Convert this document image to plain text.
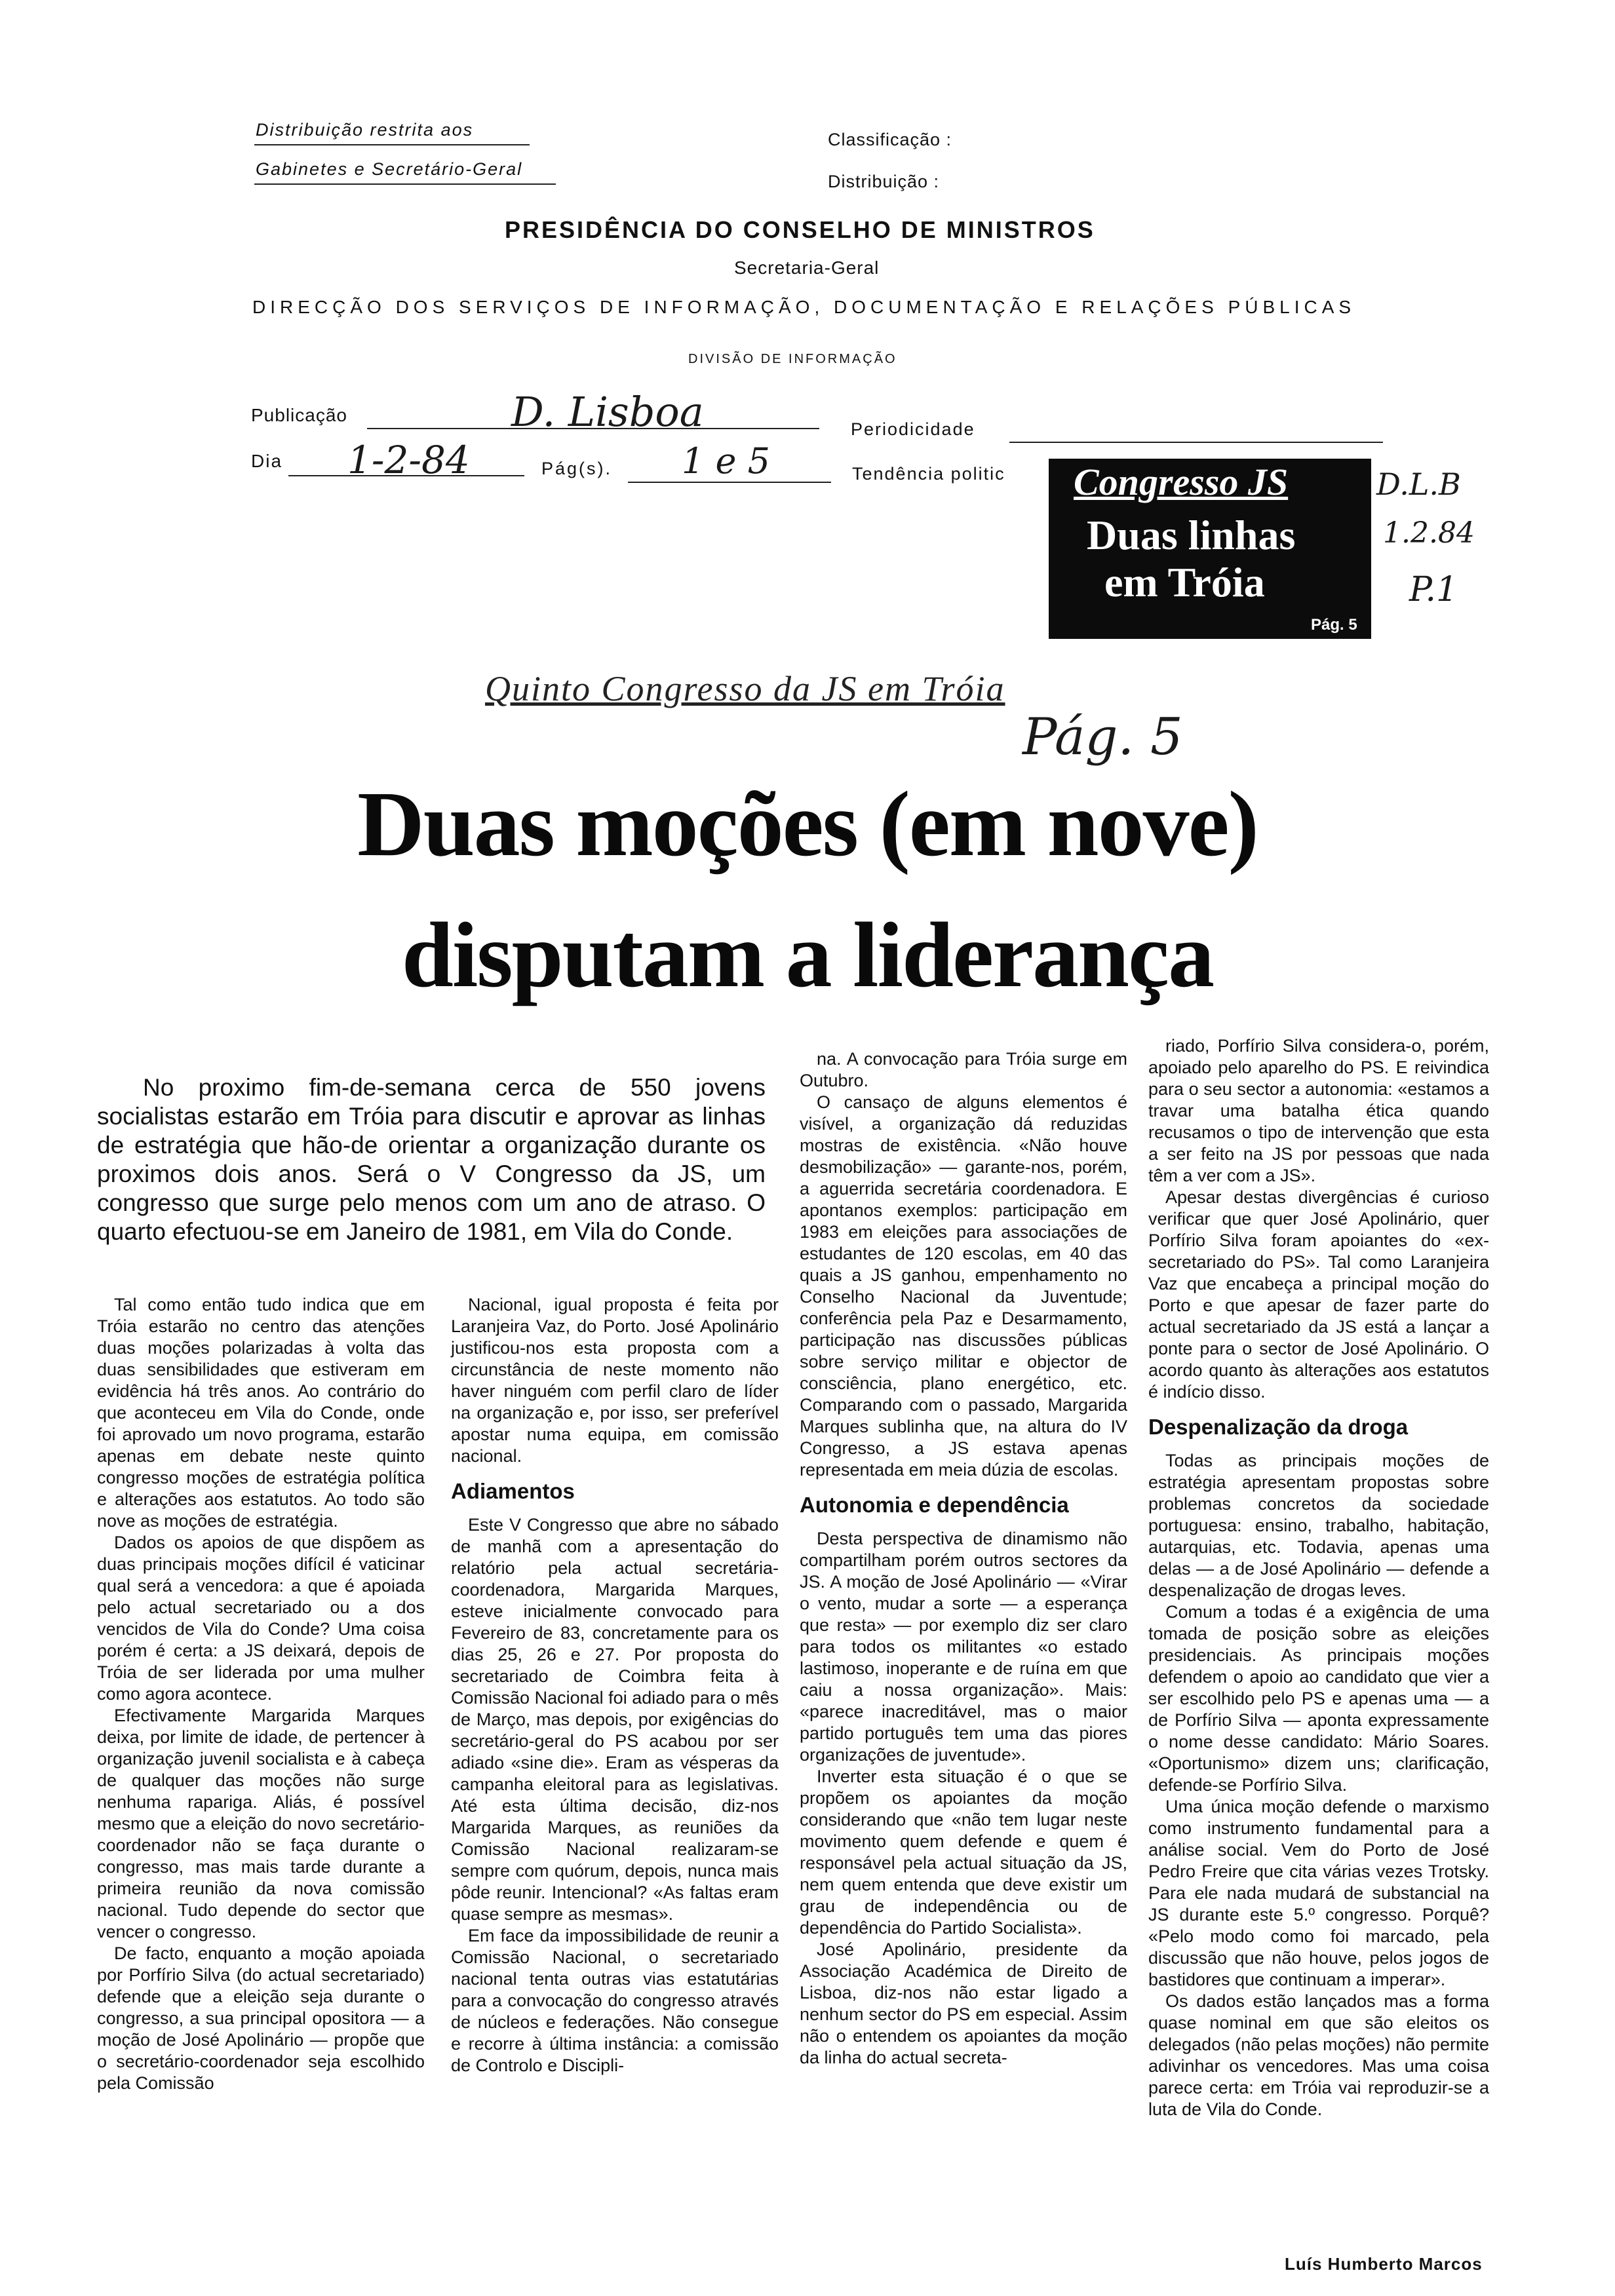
Distribuição restrita aos
Gabinetes e Secretário-Geral
Classificação :
Distribuição :
PRESIDÊNCIA DO CONSELHO DE MINISTROS
Secretaria-Geral
DIRECÇÃO DOS SERVIÇOS DE INFORMAÇÃO, DOCUMENTAÇÃO E RELAÇÕES PÚBLICAS
DIVISÃO DE INFORMAÇÃO
Publicação	D. Lisboa	Periodicidade
Dia 1-2-84	Pág(s). 1 e 5	Tendência politic Congresso JS
Duas linhas
em Tróia
Pág. 5
D.L.B
1.2.84
P.1
Quinto Congresso da JS em Tróia
Pág. 5
Duas moções (em nove)
disputam a liderança
No proximo fim-de-semana cerca de 550 jovens socialistas estarão em Tróia para discutir e aprovar as linhas de estratégia que hão-de orientar a organização durante os proximos dois anos. Será o V Congresso da JS, um congresso que surge pelo menos com um ano de atraso. O quarto efectuou-se em Janeiro de 1981, em Vila do Conde.

Tal como então tudo indica que em Tróia estarão no centro das atenções duas moções polarizadas à volta das duas sensibilidades que estiveram em evidência há três anos. Ao contrário do que aconteceu em Vila do Conde, onde foi aprovado um novo programa, estarão apenas em debate neste quinto congresso moções de estratégia política e alterações aos estatutos. Ao todo são nove as moções de estratégia.

Dados os apoios de que dispõem as duas principais moções difícil é vaticinar qual será a vencedora: a que é apoiada pelo actual secretariado ou a dos vencidos de Vila do Conde? Uma coisa porém é certa: a JS deixará, depois de Tróia de ser liderada por uma mulher como agora acontece.

Efectivamente Margarida Marques deixa, por limite de idade, de pertencer à organização juvenil socialista e à cabeça de qualquer das moções não surge nenhuma rapariga. Aliás, é possível mesmo que a eleição do novo secretário-coordenador não se faça durante o congresso, mas mais tarde durante a primeira reunião da nova comissão nacional. Tudo depende do sector que vencer o congresso.

De facto, enquanto a moção apoiada por Porfírio Silva (do actual secretariado) defende que a eleição seja durante o congresso, a sua principal opositora — a moção de José Apolinário — propõe que o secretário-coordenador seja escolhido pela Comissão

Nacional, igual proposta é feita por Laranjeira Vaz, do Porto. José Apolinário justificou-nos esta proposta com a circunstância de neste momento não haver ninguém com perfil claro de líder na organização e, por isso, ser preferível apostar numa equipa, em comissão nacional.

Adiamentos

Este V Congresso que abre no sábado de manhã com a apresentação do relatório pela actual secretária-coordenadora, Margarida Marques, esteve inicialmente convocado para Fevereiro de 83, concretamente para os dias 25, 26 e 27. Por proposta do secretariado de Coimbra feita à Comissão Nacional foi adiado para o mês de Março, mas depois, por exigências do secretário-geral do PS acabou por ser adiado «sine die». Eram as vésperas da campanha eleitoral para as legislativas. Até esta última decisão, diz-nos Margarida Marques, as reuniões da Comissão Nacional realizaram-se sempre com quórum, depois, nunca mais pôde reunir. Intencional? «As faltas eram quase sempre as mesmas».

Em face da impossibilidade de reunir a Comissão Nacional, o secretariado nacional tenta outras vias estatutárias para a convocação do congresso através de núcleos e federações. Não consegue e recorre à última instância: a comissão de Controlo e Discipli-

na. A convocação para Tróia surge em Outubro.

O cansaço de alguns elementos é visível, a organização dá reduzidas mostras de existência. «Não houve desmobilização» — garante-nos, porém, a aguerrida secretária coordenadora. E apontanos exemplos: participação em 1983 em eleições para associações de estudantes de 120 escolas, em 40 das quais a JS ganhou, empenhamento no Conselho Nacional da Juventude; conferência pela Paz e Desarmamento, participação nas discussões públicas sobre serviço militar e objector de consciência, plano energético, etc. Comparando com o passado, Margarida Marques sublinha que, na altura do IV Congresso, a JS estava apenas representada em meia dúzia de escolas.

Autonomia e dependência

Desta perspectiva de dinamismo não compartilham porém outros sectores da JS. A moção de José Apolinário — «Virar o vento, mudar a sorte — a esperança que resta» — por exemplo diz ser claro para todos os militantes «o estado lastimoso, inoperante e de ruína em que caiu a nossa organização». Mais: «parece inacreditável, mas o maior partido português tem uma das piores organizações de juventude».

Inverter esta situação é o que se propõem os apoiantes da moção considerando que «não tem lugar neste movimento quem defende e quem é responsável pela actual situação da JS, nem quem entenda que deve existir um grau de independência ou de dependência do Partido Socialista».

José Apolinário, presidente da Associação Académica de Direito de Lisboa, diz-nos não estar ligado a nenhum sector do PS em especial. Assim não o entendem os apoiantes da moção da linha do actual secreta-

riado, Porfírio Silva considera-o, porém, apoiado pelo aparelho do PS. E reivindica para o seu sector a autonomia: «estamos a travar uma batalha ética quando recusamos o tipo de intervenção que esta a ser feito na JS por pessoas que nada têm a ver com a JS».

Apesar destas divergências é curioso verificar que quer José Apolinário, quer Porfírio Silva foram apoiantes do «ex-secretariado do PS». Tal como Laranjeira Vaz que encabeça a principal moção do Porto e que apesar de fazer parte do actual secretariado da JS está a lançar a ponte para o sector de José Apolinário. O acordo quanto às alterações aos estatutos é indício disso.

Despenalização da droga

Todas as principais moções de estratégia apresentam propostas sobre problemas concretos da sociedade portuguesa: ensino, trabalho, habitação, autarquias, etc. Todavia, apenas uma delas — a de José Apolinário — defende a despenalização de drogas leves.

Comum a todas é a exigência de uma tomada de posição sobre as eleições presidenciais. As principais moções defendem o apoio ao candidato que vier a ser escolhido pelo PS e apenas uma — a de Porfírio Silva — aponta expressamente o nome desse candidato: Mário Soares. «Oportunismo» dizem uns; clarificação, defende-se Porfírio Silva.

Uma única moção defende o marxismo como instrumento fundamental para a análise social. Vem do Porto de José Pedro Freire que cita várias vezes Trotsky. Para ele nada mudará de substancial na JS durante este 5.º congresso. Porquê? «Pelo modo como foi marcado, pela discussão que não houve, pelos jogos de bastidores que continuam a imperar».

Os dados estão lançados mas a forma quase nominal em que são eleitos os delegados (não pelas moções) não permite adivinhar os vencedores. Mas uma coisa parece certa: em Tróia vai reproduzir-se a luta de Vila do Conde.

Luís Humberto Marcos
